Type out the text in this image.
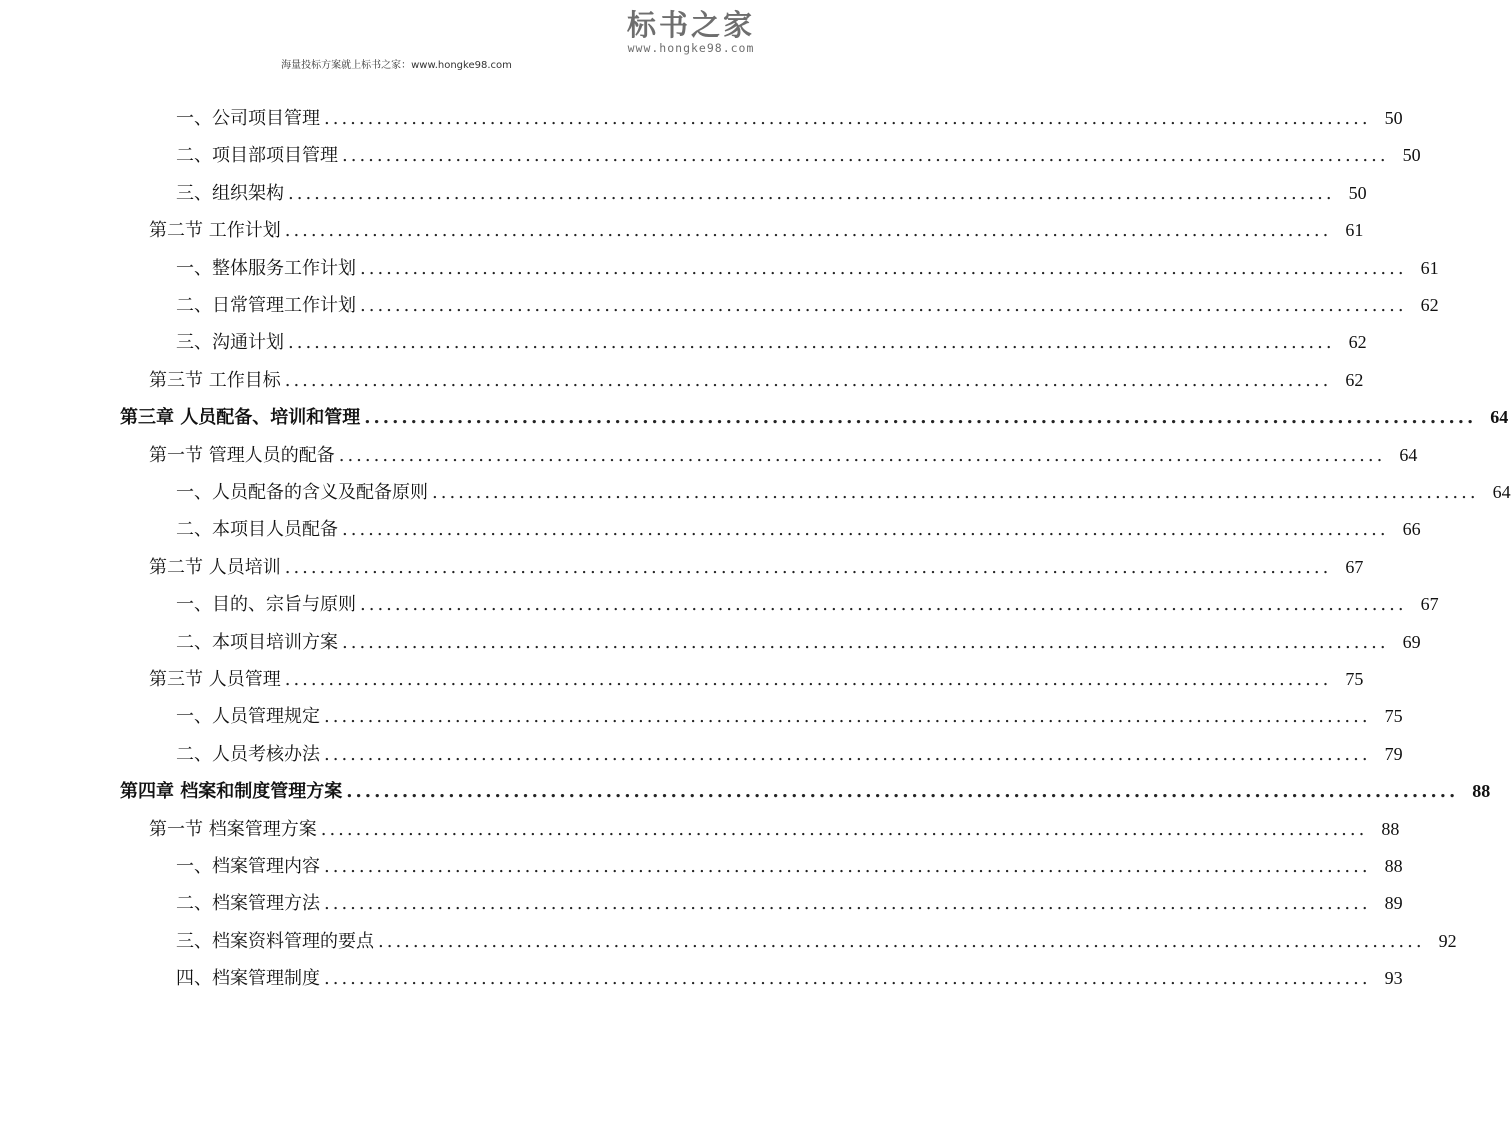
标书之家
www.hongke98.com
海量投标方案就上标书之家：www.hongke98.com
一、公司项目管理 ........................................................................................................................ 50
二、项目部项目管理 ........................................................................................................................ 50
三、组织架构 ........................................................................................................................ 50
第二节 工作计划 ........................................................................................................................ 61
一、整体服务工作计划 ........................................................................................................................ 61
二、日常管理工作计划 ........................................................................................................................ 62
三、沟通计划 ........................................................................................................................ 62
第三节 工作目标 ........................................................................................................................ 62
第三章 人员配备、培训和管理 ........................................................................................................................ 64
第一节 管理人员的配备 ........................................................................................................................ 64
一、人员配备的含义及配备原则 ........................................................................................................................ 64
二、本项目人员配备 ........................................................................................................................ 66
第二节 人员培训 ........................................................................................................................ 67
一、目的、宗旨与原则 ........................................................................................................................ 67
二、本项目培训方案 ........................................................................................................................ 69
第三节 人员管理 ........................................................................................................................ 75
一、人员管理规定 ........................................................................................................................ 75
二、人员考核办法 ........................................................................................................................ 79
第四章 档案和制度管理方案 ........................................................................................................................ 88
第一节 档案管理方案 ........................................................................................................................ 88
一、档案管理内容 ........................................................................................................................ 88
二、档案管理方法 ........................................................................................................................ 89
三、档案资料管理的要点 ........................................................................................................................ 92
四、档案管理制度 ........................................................................................................................ 93
